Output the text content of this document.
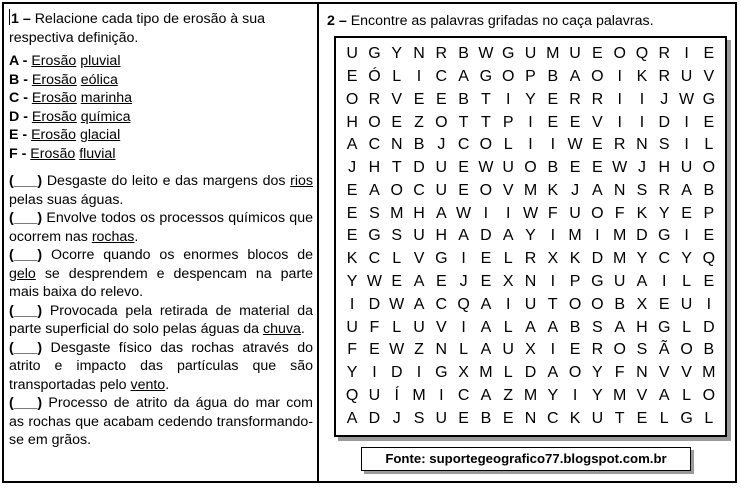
1 – Relacione cada tipo de erosão à sua respectiva definição.

A - Erosão pluvial

B - Erosão eólica

C - Erosão marinha

D - Erosão química

E - Erosão glacial

F - Erosão fluvial

(___) Desgaste do leito e das margens dos rios pelas suas águas.

(___) Envolve todos os processos químicos que ocorrem nas rochas.

(___) Ocorre quando os enormes blocos de gelo se desprendem e despencam na parte mais baixa do relevo.

(___) Provocada pela retirada de material da parte superficial do solo pelas águas da chuva.

(___) Desgaste físico das rochas através do atrito e impacto das partículas que são transportadas pelo vento.

(___) Processo de atrito da água do mar com as rochas que acabam cedendo transformando-se em grãos.

2 – Encontre as palavras grifadas no caça palavras.
U G Y N R B W G U M U E O Q R I E
E Ó L I C A G O P B A O I K R U V
O R V E E B T I Y E R R I	I	J W G
H O E Z O T T P I E E V I	I D I E
A C N B J C O L I	I W E R N S I L
J H T D U E W U O B E E W J H U O
E A O C U E O V M K J A N S R A B
E S M H A W I	I W F U O F K Y E P
E G S U H A D A Y I M I M D G I E
K C L V G I E L R X K D M Y C Y Q
Y W E A E J E X N I P G U A I L E
I D W A C Q A I U T O O B X E U I
U F L U V I A L A A B S A H G L D
F E W Z N L A U X I E R O S Ã O B
Y I D I G X M L D A O Y F N V V M
Q U Í M I C A Z M Y I Y M V A L O
A D J S U E B E N C K U T E L G L
Fonte: suportegeografico77.blogspot.com.br
